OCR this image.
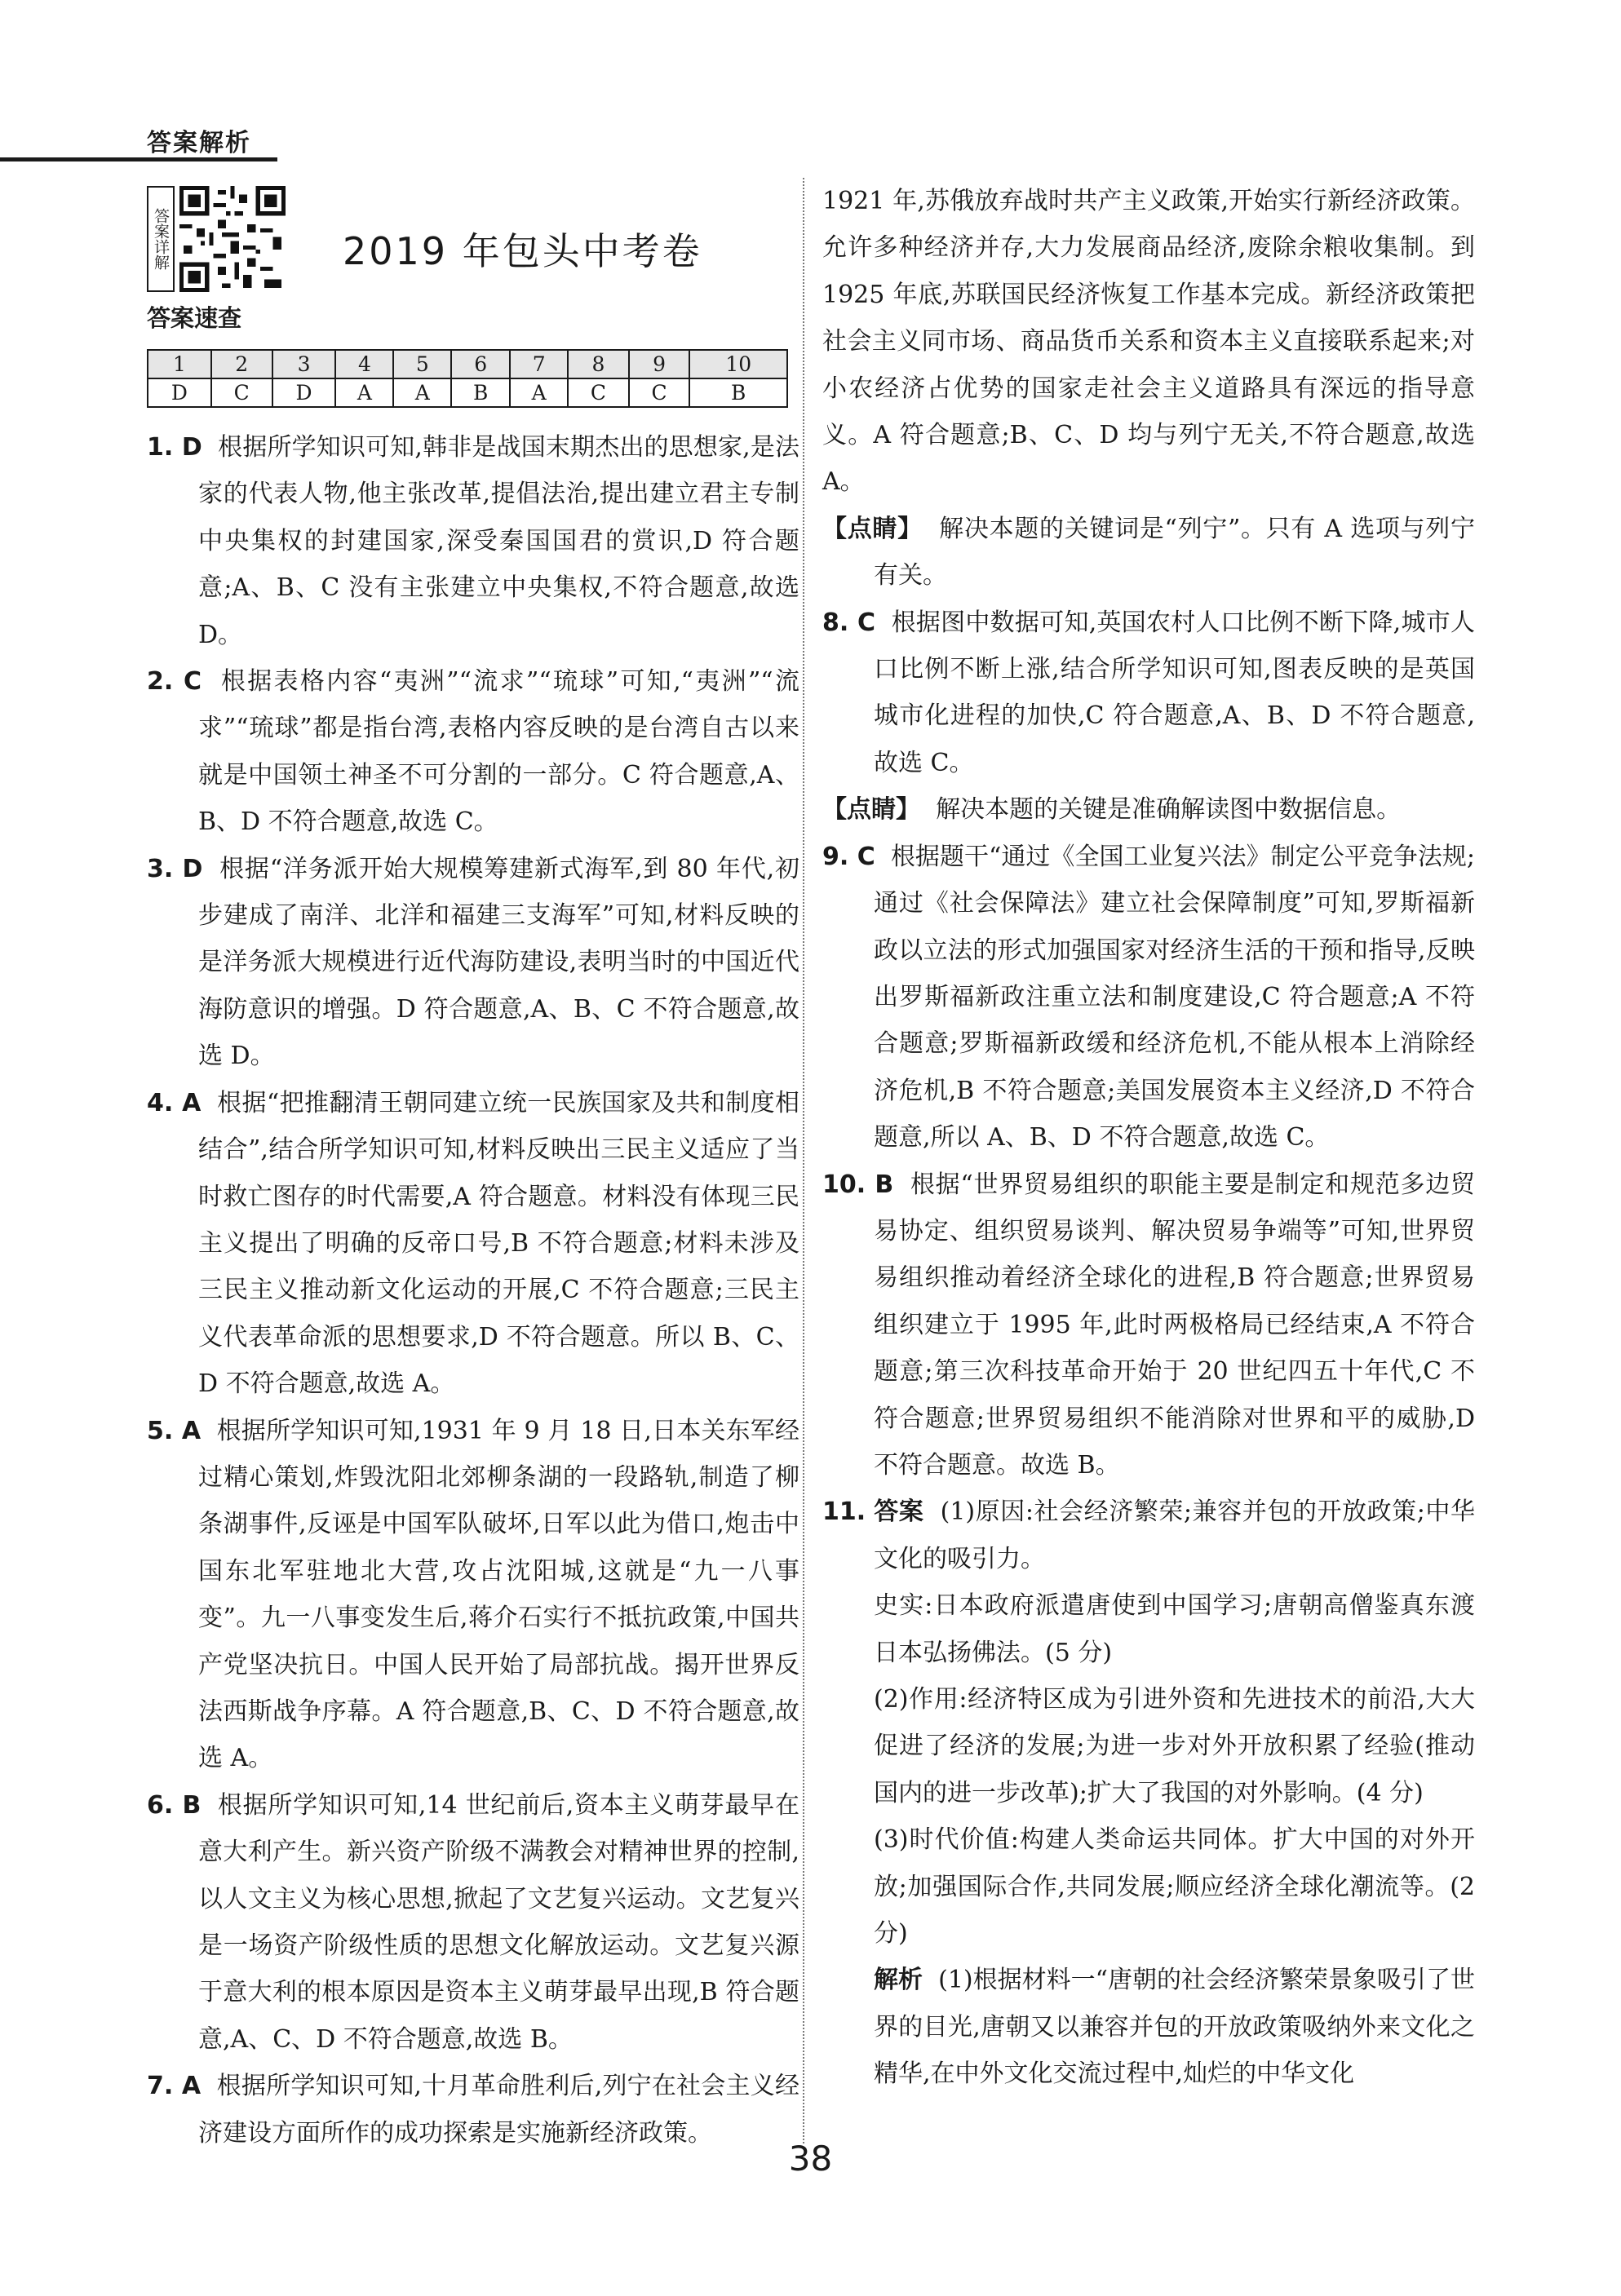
答案解析
答案详解	2019 年包头中考卷
答案速查
1	2	3	4	5	6	7	8	9	10
D	C	D	A	A	B	A	C	C	B
1. D 根据所学知识可知,韩非是战国末期杰出的思想家,是法家的代表人物,他主张改革,提倡法治,提出建立君主专制中央集权的封建国家,深受秦国国君的赏识,D 符合题意;A、B、C 没有主张建立中央集权,不符合题意,故选 D。
2. C 根据表格内容“夷洲”“流求”“琉球”可知,“夷洲”“流求”“琉球”都是指台湾,表格内容反映的是台湾自古以来就是中国领土神圣不可分割的一部分。C 符合题意,A、B、D 不符合题意,故选 C。
3. D 根据“洋务派开始大规模筹建新式海军,到 80 年代,初步建成了南洋、北洋和福建三支海军”可知,材料反映的是洋务派大规模进行近代海防建设,表明当时的中国近代海防意识的增强。D 符合题意,A、B、C 不符合题意,故选 D。
4. A 根据“把推翻清王朝同建立统一民族国家及共和制度相结合”,结合所学知识可知,材料反映出三民主义适应了当时救亡图存的时代需要,A 符合题意。材料没有体现三民主义提出了明确的反帝口号,B 不符合题意;材料未涉及三民主义推动新文化运动的开展,C 不符合题意;三民主义代表革命派的思想要求,D 不符合题意。所以 B、C、D 不符合题意,故选 A。
5. A 根据所学知识可知,1931 年 9 月 18 日,日本关东军经过精心策划,炸毁沈阳北郊柳条湖的一段路轨,制造了柳条湖事件,反诬是中国军队破坏,日军以此为借口,炮击中国东北军驻地北大营,攻占沈阳城,这就是“九一八事变”。九一八事变发生后,蒋介石实行不抵抗政策,中国共产党坚决抗日。中国人民开始了局部抗战。揭开世界反法西斯战争序幕。A 符合题意,B、C、D 不符合题意,故选 A。
6. B 根据所学知识可知,14 世纪前后,资本主义萌芽最早在意大利产生。新兴资产阶级不满教会对精神世界的控制,以人文主义为核心思想,掀起了文艺复兴运动。文艺复兴是一场资产阶级性质的思想文化解放运动。文艺复兴源于意大利的根本原因是资本主义萌芽最早出现,B 符合题意,A、C、D 不符合题意,故选 B。
7. A 根据所学知识可知,十月革命胜利后,列宁在社会主义经济建设方面所作的成功探索是实施新经济政策。
1921 年,苏俄放弃战时共产主义政策,开始实行新经济政策。允许多种经济并存,大力发展商品经济,废除余粮收集制。到 1925 年底,苏联国民经济恢复工作基本完成。新经济政策把社会主义同市场、商品货币关系和资本主义直接联系起来;对小农经济占优势的国家走社会主义道路具有深远的指导意义。A 符合题意;B、C、D 均与列宁无关,不符合题意,故选 A。
【点睛】 解决本题的关键词是“列宁”。只有 A 选项与列宁有关。
8. C 根据图中数据可知,英国农村人口比例不断下降,城市人口比例不断上涨,结合所学知识可知,图表反映的是英国城市化进程的加快,C 符合题意,A、B、D 不符合题意,故选 C。
【点睛】 解决本题的关键是准确解读图中数据信息。
9. C 根据题干“通过《全国工业复兴法》制定公平竞争法规;通过《社会保障法》建立社会保障制度”可知,罗斯福新政以立法的形式加强国家对经济生活的干预和指导,反映出罗斯福新政注重立法和制度建设,C 符合题意;A 不符合题意;罗斯福新政缓和经济危机,不能从根本上消除经济危机,B 不符合题意;美国发展资本主义经济,D 不符合题意,所以 A、B、D 不符合题意,故选 C。
10. B 根据“世界贸易组织的职能主要是制定和规范多边贸易协定、组织贸易谈判、解决贸易争端等”可知,世界贸易组织推动着经济全球化的进程,B 符合题意;世界贸易组织建立于 1995 年,此时两极格局已经结束,A 不符合题意;第三次科技革命开始于 20 世纪四五十年代,C 不符合题意;世界贸易组织不能消除对世界和平的威胁,D 不符合题意。故选 B。
11. 答案 (1)原因:社会经济繁荣;兼容并包的开放政策;中华文化的吸引力。
史实:日本政府派遣唐使到中国学习;唐朝高僧鉴真东渡日本弘扬佛法。(5 分)
(2)作用:经济特区成为引进外资和先进技术的前沿,大大促进了经济的发展;为进一步对外开放积累了经验(推动国内的进一步改革);扩大了我国的对外影响。(4 分)
(3)时代价值:构建人类命运共同体。扩大中国的对外开放;加强国际合作,共同发展;顺应经济全球化潮流等。(2 分)
解析 (1)根据材料一“唐朝的社会经济繁荣景象吸引了世界的目光,唐朝又以兼容并包的开放政策吸纳外来文化之精华,在中外文化交流过程中,灿烂的中华文化
38
